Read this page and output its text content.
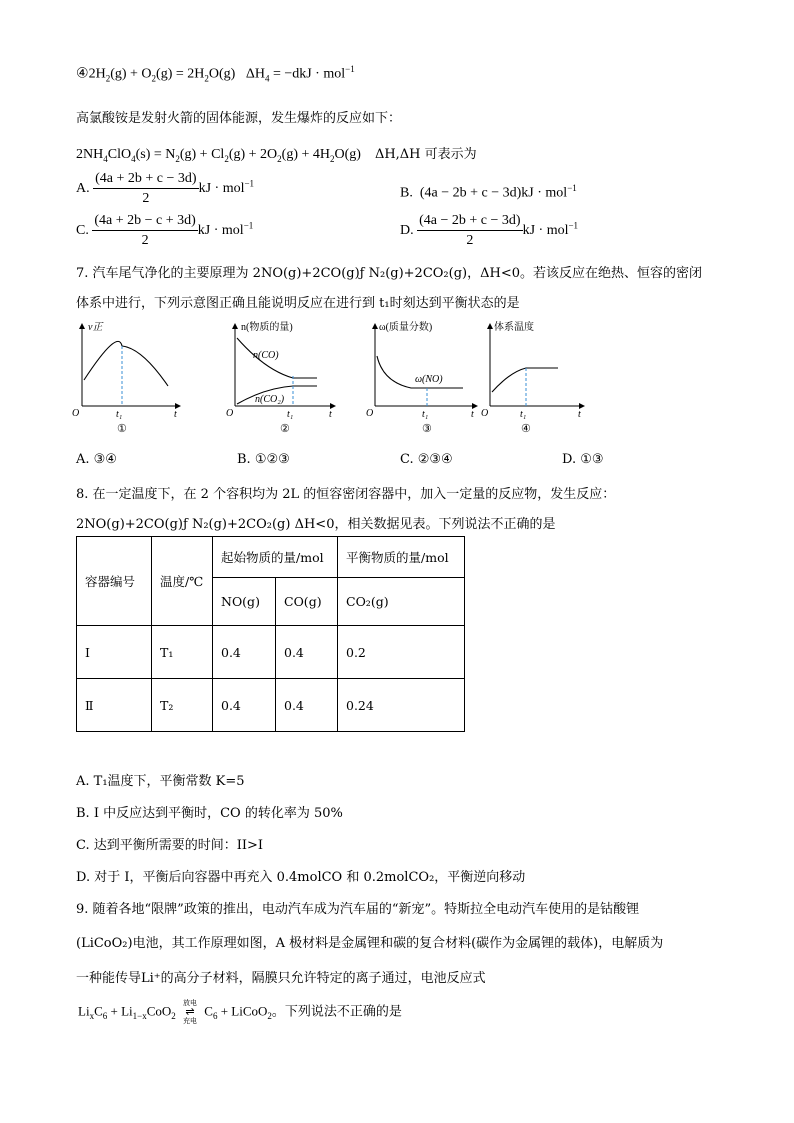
$④2H_2(g) + O_2(g) = 2H_2O(g) \Delta H_4 = -dkJ \cdot mol^{-1}$
高氯酸铵是发射火箭的固体能源，发生爆炸的反应如下：
$2NH_4ClO_4(s) = N_2(g) + Cl_2(g) + 2O_2(g) + 4H_2O(g)$    ΔH,ΔH 可表示为
A. $\frac{(4a + 2b + c - 3d)}{2}$ kJ · mol$^{-1}$
B. (4a − 2b + c − 3d)kJ · mol$^{-1}$
C. $\frac{(4a + 2b - c + 3d)}{2}$ kJ · mol$^{-1}$	D. $\frac{(4a - 2b + c - 3d)}{2}$ kJ · mol$^{-1}$
7. 汽车尾气净化的主要原理为 2NO(g)+2CO(g)ƒ N₂(g)+2CO₂(g)，ΔH<0。若该反应在绝热、恒容的密闭
体系中进行，下列示意图正确且能说明反应在进行到 t₁时刻达到平衡状态的是
v正
O	t₁	t
①
n(物质的量)
n(CO)
n(CO₂)
O	t₁	t
②
ω(质量分数)
ω(NO)
O	t₁	t
③
体系温度
O	t₁	t
④
A. ③④	B. ①②③	C. ②③④	D. ①③
8. 在一定温度下，在 2 个容积均为 2L 的恒容密闭容器中，加入一定量的反应物，发生反应：
2NO(g)+2CO(g)ƒ N₂(g)+2CO₂(g) ΔH<0，相关数据见表。下列说法不正确的是
容器编号	温度/℃	起始物质的量/mol		平衡物质的量/mol
		NO(g)	CO(g)	CO₂(g)
I	T₁	0.4	0.4	0.2
Ⅱ	T₂	0.4	0.4	0.24
A. T₁温度下，平衡常数 K=5
B. I 中反应达到平衡时，CO 的转化率为 50%
C. 达到平衡所需要的时间：II>I
D. 对于 I，平衡后向容器中再充入 0.4molCO 和 0.2molCO₂，平衡逆向移动
9. 随着各地“限牌”政策的推出，电动汽车成为汽车届的“新宠”。特斯拉全电动汽车使用的是钴酸锂
(LiCoO₂)电池，其工作原理如图，A 极材料是金属锂和碳的复合材料(碳作为金属锂的载体)，电解质为
一种能传导Li⁺的高分子材料，隔膜只允许特定的离子通过，电池反应式
$Li_xC_6 + Li_{1-x}CoO_2$
放电
⇌
充电
$C_6$ + LiCoO$_2$。下列说法不正确的是
